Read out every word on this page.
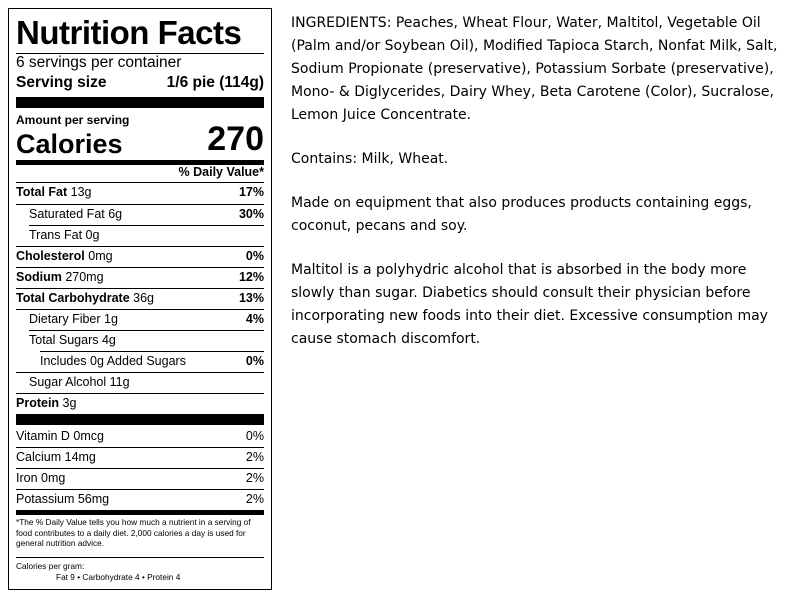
Nutrition Facts
6 servings per container
Serving size	1/6 pie (114g)
Amount per serving
Calories 270
% Daily Value*
Total Fat 13g	17%
Saturated Fat 6g	30%
Trans Fat 0g
Cholesterol 0mg	0%
Sodium 270mg	12%
Total Carbohydrate 36g	13%
Dietary Fiber 1g	4%
Total Sugars 4g
Includes 0g Added Sugars	0%
Sugar Alcohol 11g
Protein 3g
Vitamin D 0mcg	0%
Calcium 14mg	2%
Iron 0mg	2%
Potassium 56mg	2%
*The % Daily Value tells you how much a nutrient in a serving of food contributes to a daily diet. 2,000 calories a day is used for general nutrition advice.
Calories per gram:
Fat 9 • Carbohydrate 4 • Protein 4

INGREDIENTS: Peaches, Wheat Flour, Water, Maltitol, Vegetable Oil (Palm and/or Soybean Oil), Modified Tapioca Starch, Nonfat Milk, Salt, Sodium Propionate (preservative), Potassium Sorbate (preservative), Mono- & Diglycerides, Dairy Whey, Beta Carotene (Color), Sucralose, Lemon Juice Concentrate.

Contains: Milk, Wheat.

Made on equipment that also produces products containing eggs, coconut, pecans and soy.

Maltitol is a polyhydric alcohol that is absorbed in the body more slowly than sugar. Diabetics should consult their physician before incorporating new foods into their diet. Excessive consumption may cause stomach discomfort.
